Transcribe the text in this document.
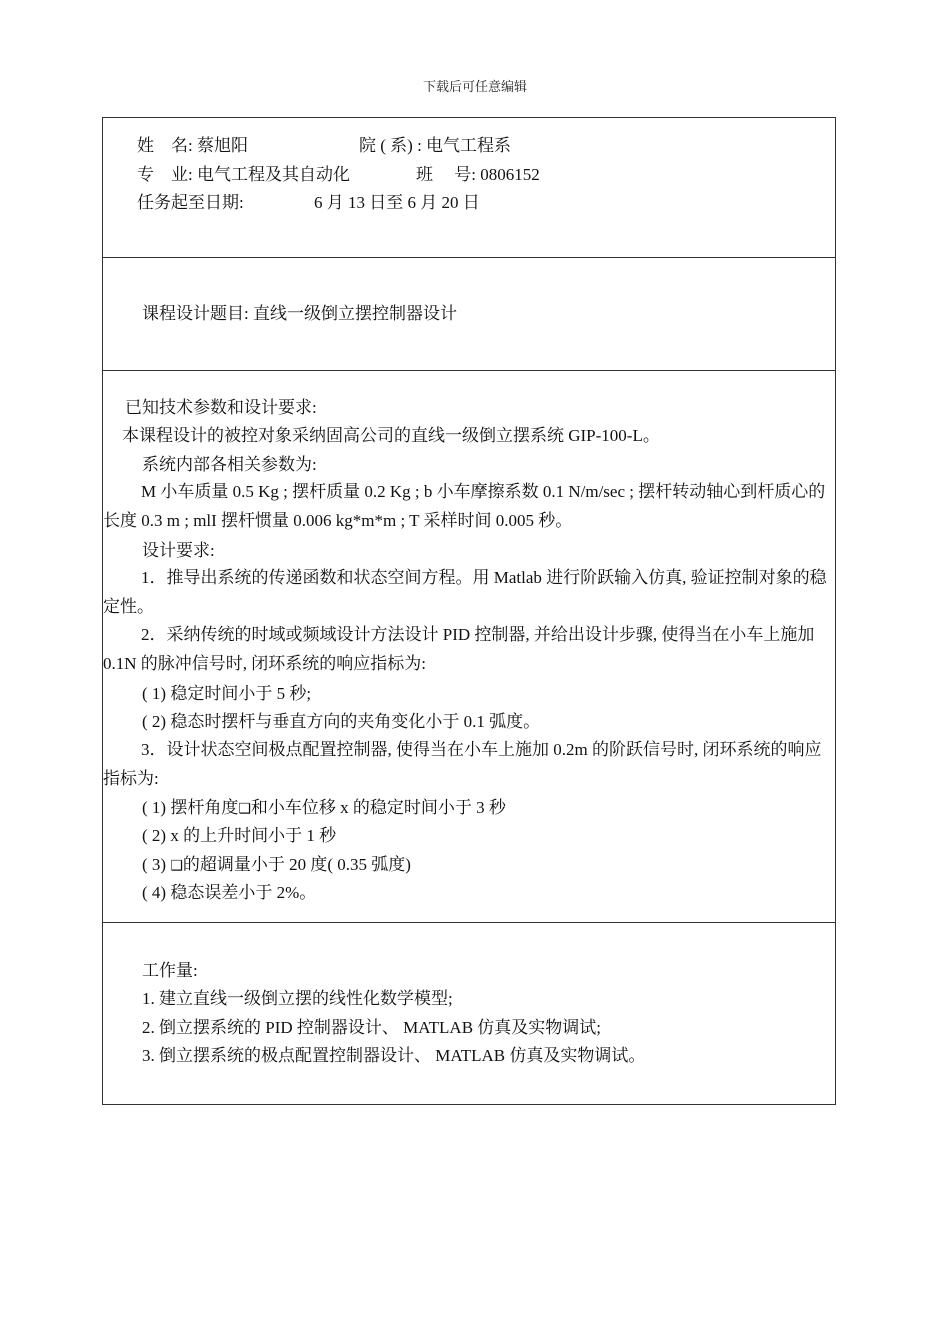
下载后可任意编辑
姓　名: 蔡旭阳	院 ( 系) : 电气工程系
专　业: 电气工程及其自动化	班　 号: 0806152
任务起至日期:	6 月 13 日至 6 月 20 日
课程设计题目: 直线一级倒立摆控制器设计
已知技术参数和设计要求:
本课程设计的被控对象采纳固高公司的直线一级倒立摆系统 GIP-100-L。
系统内部各相关参数为:
M 小车质量 0.5 Kg ; 摆杆质量 0.2 Kg ; b 小车摩擦系数 0.1 N/m/sec ; 摆杆转动轴心到杆质心的长度 0.3 m ; mlI 摆杆惯量 0.006 kg*m*m ; T 采样时间 0.005 秒。
设计要求:
1．推导出系统的传递函数和状态空间方程。用 Matlab 进行阶跃输入仿真, 验证控制对象的稳定性。
2．采纳传统的时域或频域设计方法设计 PID 控制器, 并给出设计步骤, 使得当在小车上施加 0.1N 的脉冲信号时, 闭环系统的响应指标为:
( 1) 稳定时间小于 5 秒;
( 2) 稳态时摆杆与垂直方向的夹角变化小于 0.1 弧度。
3．设计状态空间极点配置控制器, 使得当在小车上施加 0.2m 的阶跃信号时, 闭环系统的响应指标为:
( 1) 摆杆角度❑和小车位移 x 的稳定时间小于 3 秒
( 2) x 的上升时间小于 1 秒
( 3) ❑的超调量小于 20 度( 0.35 弧度)
( 4) 稳态误差小于 2%。
工作量:
1. 建立直线一级倒立摆的线性化数学模型;
2. 倒立摆系统的 PID 控制器设计、 MATLAB 仿真及实物调试;
3. 倒立摆系统的极点配置控制器设计、 MATLAB 仿真及实物调试。
